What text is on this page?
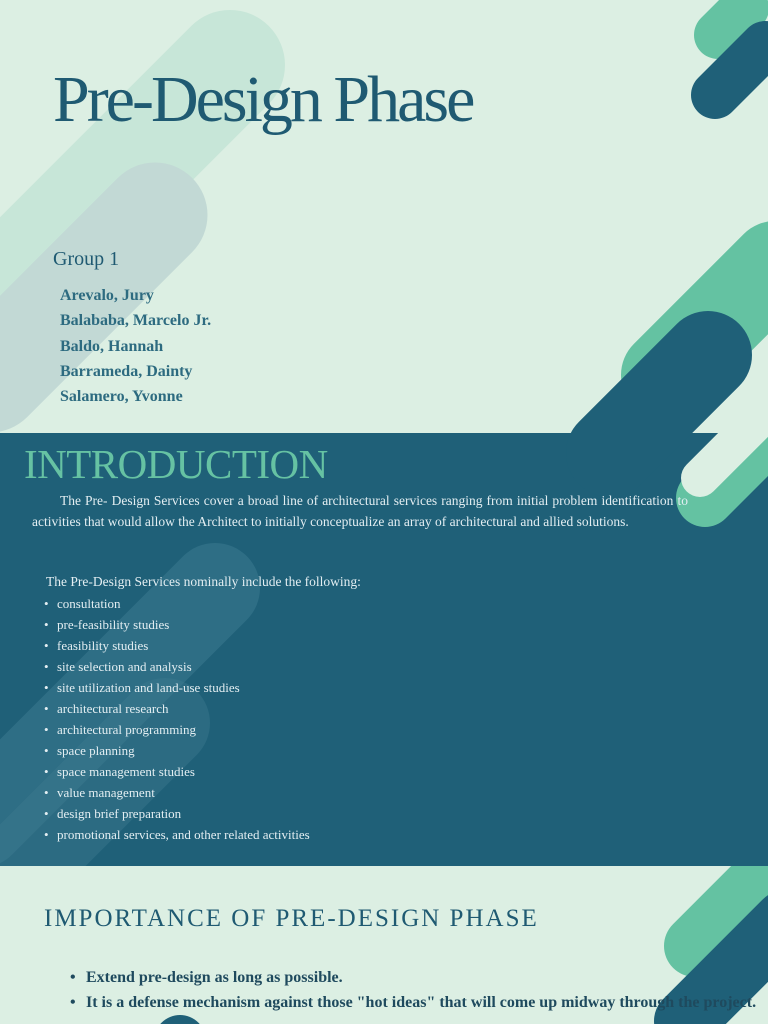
Pre-Design Phase
Group 1
Arevalo, Jury
Balababa, Marcelo Jr.
Baldo, Hannah
Barrameda, Dainty
Salamero, Yvonne
INTRODUCTION

The Pre- Design Services cover a broad line of architectural services ranging from initial problem identification to activities that would allow the Architect to initially conceptualize an array of architectural and allied solutions.

The Pre-Design Services nominally include the following:

• consultation
• pre-feasibility studies
• feasibility studies
• site selection and analysis
• site utilization and land-use studies
• architectural research
• architectural programming
• space planning
• space management studies
• value management
• design brief preparation
• promotional services, and other related activities
IMPORTANCE OF PRE-DESIGN PHASE
• Extend pre-design as long as possible.
• It is a defense mechanism against those "hot ideas" that will come up midway through the project.
